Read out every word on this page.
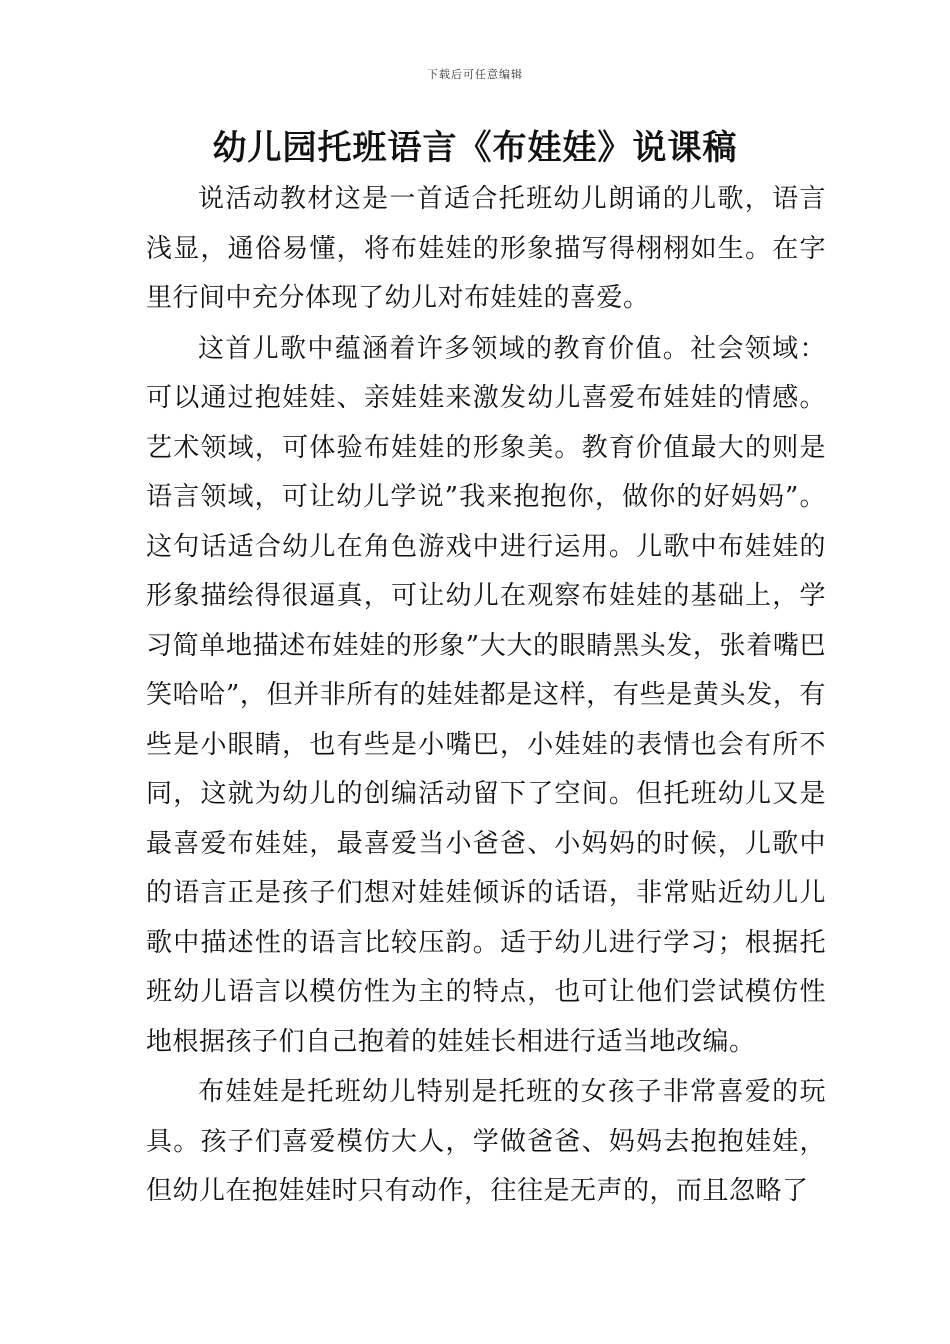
下载后可任意编辑
幼儿园托班语言《布娃娃》说课稿

说活动教材这是一首适合托班幼儿朗诵的儿歌，语言浅显，通俗易懂，将布娃娃的形象描写得栩栩如生。在字里行间中充分体现了幼儿对布娃娃的喜爱。

这首儿歌中蕴涵着许多领域的教育价值。社会领域：可以通过抱娃娃、亲娃娃来激发幼儿喜爱布娃娃的情感。艺术领域，可体验布娃娃的形象美。教育价值最大的则是语言领域，可让幼儿学说”我来抱抱你，做你的好妈妈”。这句话适合幼儿在角色游戏中进行运用。儿歌中布娃娃的形象描绘得很逼真，可让幼儿在观察布娃娃的基础上，学习简单地描述布娃娃的形象”大大的眼睛黑头发，张着嘴巴笑哈哈”，但并非所有的娃娃都是这样，有些是黄头发，有些是小眼睛，也有些是小嘴巴，小娃娃的表情也会有所不同，这就为幼儿的创编活动留下了空间。但托班幼儿又是最喜爱布娃娃，最喜爱当小爸爸、小妈妈的时候，儿歌中的语言正是孩子们想对娃娃倾诉的话语，非常贴近幼儿儿歌中描述性的语言比较压韵。适于幼儿进行学习；根据托班幼儿语言以模仿性为主的特点，也可让他们尝试模仿性地根据孩子们自己抱着的娃娃长相进行适当地改编。

布娃娃是托班幼儿特别是托班的女孩子非常喜爱的玩具。孩子们喜爱模仿大人，学做爸爸、妈妈去抱抱娃娃，但幼儿在抱娃娃时只有动作，往往是无声的，而且忽略了
